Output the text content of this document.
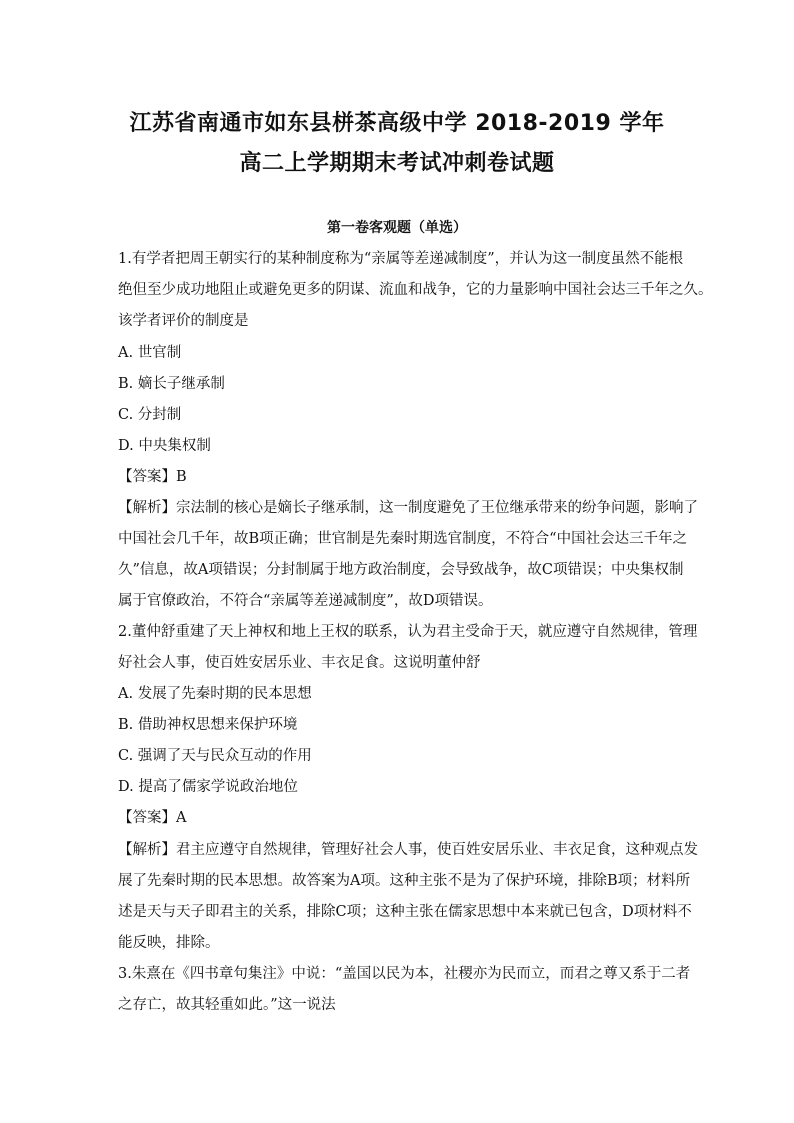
江苏省南通市如东县栟茶高级中学 2018-2019 学年
高二上学期期末考试冲刺卷试题
第一卷客观题（单选）
1.有学者把周王朝实行的某种制度称为“亲属等差递减制度”，并认为这一制度虽然不能根
绝但至少成功地阻止或避免更多的阴谋、流血和战争，它的力量影响中国社会达三千年之久。
该学者评价的制度是
A. 世官制
B. 嫡长子继承制
C. 分封制
D. 中央集权制
【答案】B
【解析】宗法制的核心是嫡长子继承制，这一制度避免了王位继承带来的纷争问题，影响了
中国社会几千年，故B项正确；世官制是先秦时期选官制度，不符合“中国社会达三千年之
久”信息，故A项错误；分封制属于地方政治制度，会导致战争，故C项错误；中央集权制
属于官僚政治，不符合“亲属等差递减制度”，故D项错误。
2.董仲舒重建了天上神权和地上王权的联系，认为君主受命于天，就应遵守自然规律，管理
好社会人事，使百姓安居乐业、丰衣足食。这说明董仲舒
A. 发展了先秦时期的民本思想
B. 借助神权思想来保护环境
C. 强调了天与民众互动的作用
D. 提高了儒家学说政治地位
【答案】A
【解析】君主应遵守自然规律，管理好社会人事，使百姓安居乐业、丰衣足食，这种观点发
展了先秦时期的民本思想。故答案为A项。这种主张不是为了保护环境，排除B项；材料所
述是天与天子即君主的关系，排除C项；这种主张在儒家思想中本来就已包含，D项材料不
能反映，排除。
3.朱熹在《四书章句集注》中说：“盖国以民为本，社稷亦为民而立，而君之尊又系于二者
之存亡，故其轻重如此。”这一说法
